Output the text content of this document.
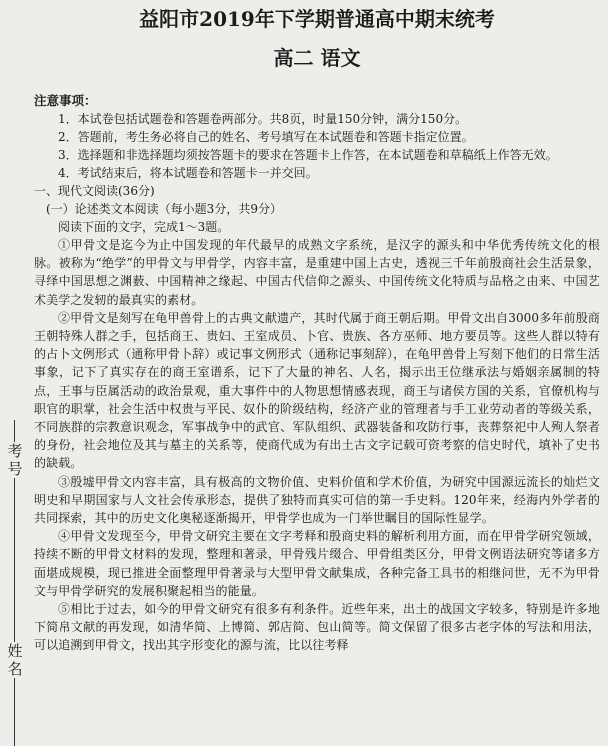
考号
姓名
益阳市2019年下学期普通高中期末统考
高二 语文
注意事项：

1．本试卷包括试题卷和答题卷两部分。共8页，时量150分钟，满分150分。

2．答题前，考生务必将自己的姓名、考号填写在本试题卷和答题卡指定位置。

3．选择题和非选择题均须按答题卡的要求在答题卡上作答，在本试题卷和草稿纸上作答无效。

4．考试结束后，将本试题卷和答题卡一并交回。

一、现代文阅读(36分)
(一）论述类文本阅读（每小题3分，共9分）
阅读下面的文字，完成1～3题。

①甲骨文是迄今为止中国发现的年代最早的成熟文字系统，是汉字的源头和中华优秀传统文化的根脉。被称为“绝学”的甲骨文与甲骨学，内容丰富，是重建中国上古史，透视三千年前殷商社会生活景象，寻绎中国思想之渊薮、中国精神之缘起、中国古代信仰之源头、中国传统文化特质与品格之由来、中国艺术美学之发轫的最真实的素材。

②甲骨文是刻写在龟甲兽骨上的古典文献遗产，其时代属于商王朝后期。甲骨文出自3000多年前殷商王朝特殊人群之手，包括商王、贵妇、王室成员、卜官、贵族、各方巫师、地方要员等。这些人群以特有的占卜文例形式（通称甲骨卜辞）或记事文例形式（通称记事刻辞），在龟甲兽骨上写刻下他们的日常生活事象，记下了真实存在的商王室谱系，记下了大量的神名、人名，揭示出王位继承法与婚姻亲属制的特点，王事与臣属活动的政治景观，重大事件中的人物思想情感表现，商王与诸侯方国的关系，官僚机构与职官的职掌，社会生活中权贵与平民、奴仆的阶级结构，经济产业的管理者与手工业劳动者的等级关系，不同族群的宗教意识观念，军事战争中的武官、军队组织、武器装备和攻防行事，丧葬祭祀中人殉人祭者的身份，社会地位及其与墓主的关系等，使商代成为有出土古文字记载可资考察的信史时代，填补了史书的缺载。

③殷墟甲骨文内容丰富，具有极高的文物价值、史料价值和学术价值，为研究中国源远流长的灿烂文明史和早期国家与人文社会传承形态，提供了独特而真实可信的第一手史料。120年来，经海内外学者的共同探索，其中的历史文化奥秘逐渐揭开，甲骨学也成为一门举世瞩目的国际性显学。

④甲骨文发现至今，甲骨文研究主要在文字考释和殷商史料的解析利用方面，而在甲骨学研究领域，持续不断的甲骨文材料的发现，整理和著录，甲骨残片缀合、甲骨组类区分，甲骨文例语法研究等诸多方面堪成规模，现已推进全面整理甲骨著录与大型甲骨文献集成，各种完备工具书的相继问世，无不为甲骨文与甲骨学研究的发展积聚起相当的能量。

⑤相比于过去，如今的甲骨文研究有很多有利条件。近些年来，出土的战国文字较多，特别是许多地下简帛文献的再发现，如清华简、上博简、郭店简、包山简等。简文保留了很多古老字体的写法和用法，可以追溯到甲骨文，找出其字形变化的源与流，比以往考释
